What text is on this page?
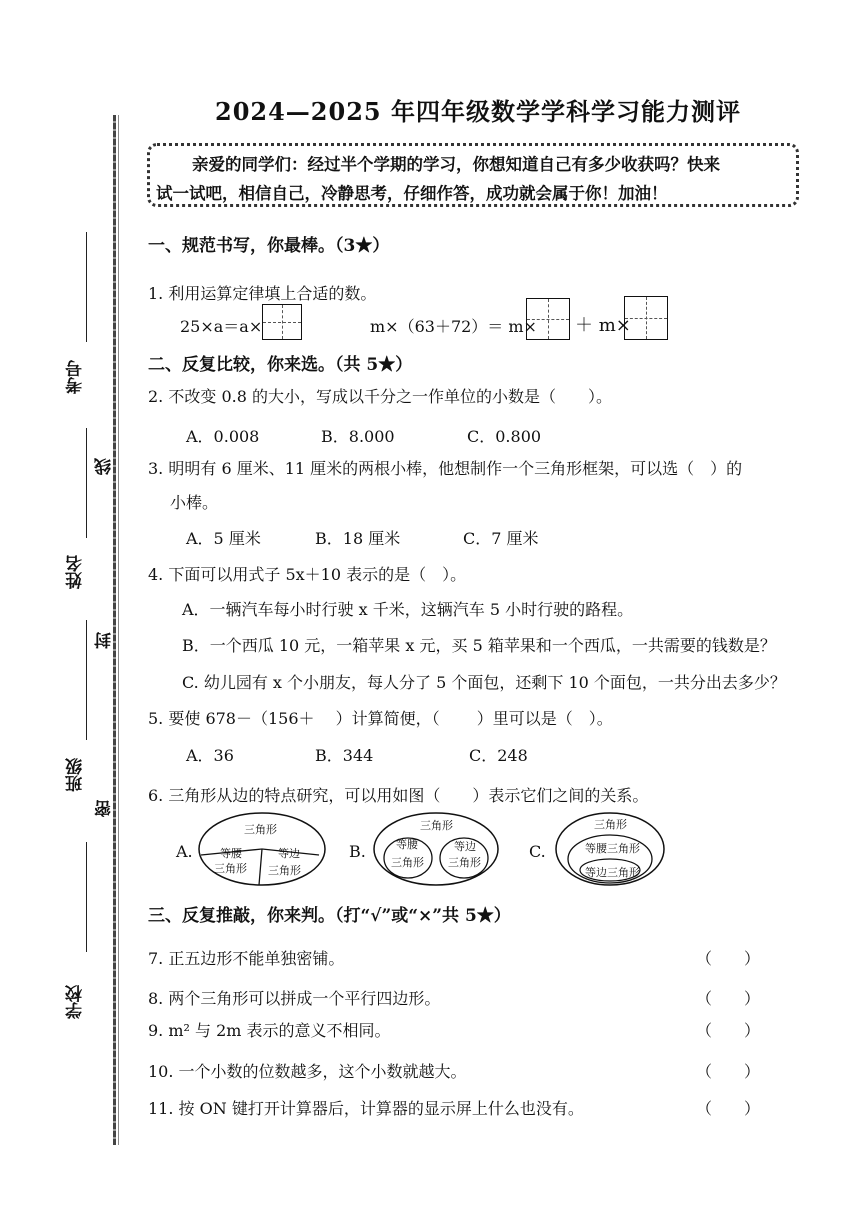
考号
姓名
班级
学校
线
封
密
2024—2025 年四年级数学学科学习能力测评
亲爱的同学们：经过半个学期的学习，你想知道自己有多少收获吗？快来
试一试吧，相信自己，冷静思考，仔细作答，成功就会属于你！加油！
一、规范书写，你最棒。（3★）
1. 利用运算定律填上合适的数。
25×a＝a×	m×（63＋72）＝ m× ＋ m×
二、反复比较，你来选。（共 5★）
2. 不改变 0.8 的大小，写成以千分之一作单位的小数是（　　）。
A．0.008	B．8.000	C．0.800
3. 明明有 6 厘米、11 厘米的两根小棒，他想制作一个三角形框架，可以选（　）的
小棒。
A．5 厘米	B．18 厘米	C．7 厘米
4. 下面可以用式子 5x＋10 表示的是（　）。
A．一辆汽车每小时行驶 x 千米，这辆汽车 5 小时行驶的路程。
B．一个西瓜 10 元，一箱苹果 x 元，买 5 箱苹果和一个西瓜，一共需要的钱数是？
C. 幼儿园有 x 个小朋友，每人分了 5 个面包，还剩下 10 个面包，一共分出去多少？
5. 要使 678－（156＋　 ）计算简便，（　　 ）里可以是（　）。
A．36	B．344	C．248
6. 三角形从边的特点研究，可以用如图（　　）表示它们之间的关系。
A.
三角形
等腰
三角形
等边
三角形
B.
三角形
等腰
三角形
等边
三角形
C.
三角形
等腰三角形
等边三角形
三、反复推敲，你来判。（打“√”或“×”共 5★）
7. 正五边形不能单独密铺。	（　　）
8. 两个三角形可以拼成一个平行四边形。	（　　）
9. m² 与 2m 表示的意义不相同。	（　　）
10. 一个小数的位数越多，这个小数就越大。	（　　）
11. 按 ON 键打开计算器后，计算器的显示屏上什么也没有。	（　　）
